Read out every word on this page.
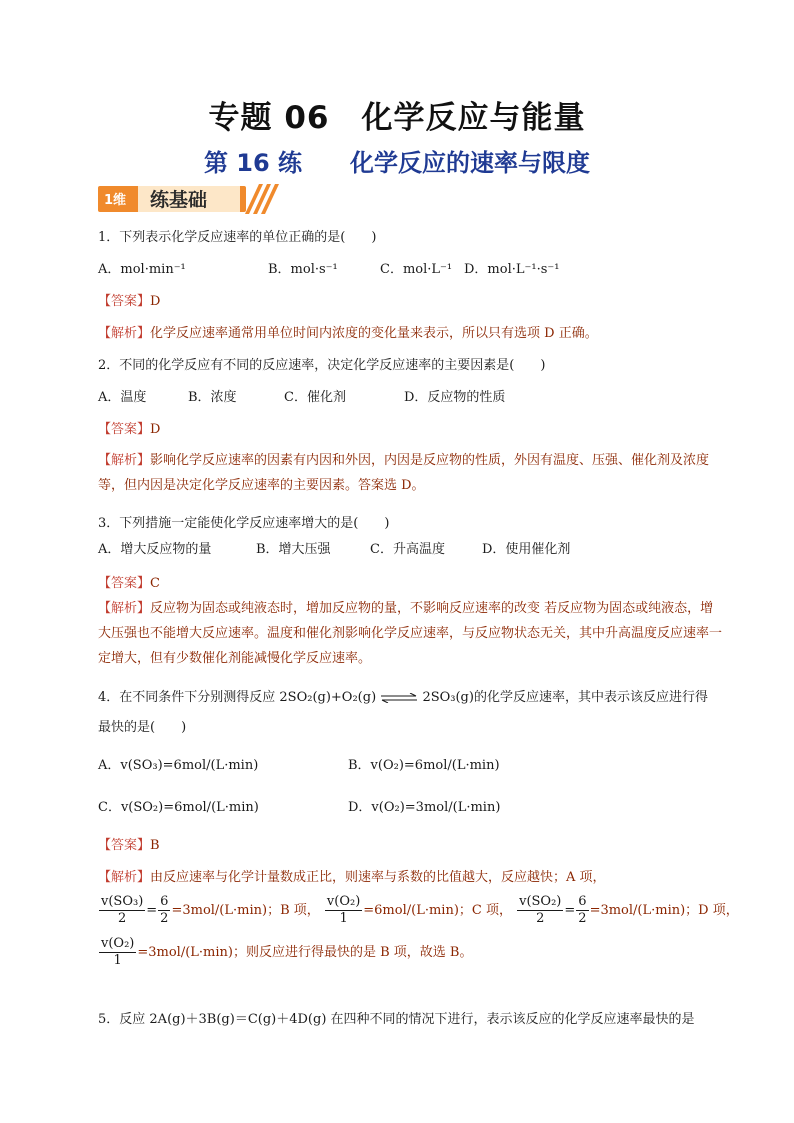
专题 06　化学反应与能量
第 16 练　　化学反应的速率与限度
1维 练基础
1．下列表示化学反应速率的单位正确的是(　　)
A．mol·min⁻¹	B．mol·s⁻¹	C．mol·L⁻¹ D．mol·L⁻¹·s⁻¹
【答案】D
【解析】化学反应速率通常用单位时间内浓度的变化量来表示，所以只有选项 D 正确。
2．不同的化学反应有不同的反应速率，决定化学反应速率的主要因素是(　　)
A．温度	B．浓度	C．催化剂	D．反应物的性质
【答案】D
【解析】影响化学反应速率的因素有内因和外因，内因是反应物的性质，外因有温度、压强、催化剂及浓度等，但内因是决定化学反应速率的主要因素。答案选 D。
3．下列措施一定能使化学反应速率增大的是(　　)
A．增大反应物的量	B．增大压强	C．升高温度	D．使用催化剂
【答案】C
【解析】反应物为固态或纯液态时，增加反应物的量，不影响反应速率的改变 若反应物为固态或纯液态，增大压强也不能增大反应速率。温度和催化剂影响化学反应速率，与反应物状态无关，其中升高温度反应速率一定增大，但有少数催化剂能减慢化学反应速率。
4．在不同条件下分别测得反应 2SO₂(g)+O₂(g) ⇌ 2SO₃(g)的化学反应速率，其中表示该反应进行得
最快的是(　　)
A．v(SO₃)=6mol/(L·min)	B．v(O₂)=6mol/(L·min)
C．v(SO₂)=6mol/(L·min)	D．v(O₂)=3mol/(L·min)
【答案】B
【解析】由反应速率与化学计量数成正比，则速率与系数的比值越大，反应越快；A 项，
$\frac{\text{v(SO₃)}}{2} = \frac{6}{2} =3mol/(L\cdot\min)$；B 项， $\frac{\text{v(O₂)}}{1} =6mol/(L\cdot\min)$；C 项， $\frac{\text{v(SO₂)}}{2} = \frac{6}{2} =3mol/(L\cdot\min)$；D 项，
$\frac{\text{v(O₂)}}{1} =3mol/(L\cdot\min)$；则反应进行得最快的是 B 项，故选 B。
5．反应 2A(g)＋3B(g)＝C(g)＋4D(g) 在四种不同的情况下进行，表示该反应的化学反应速率最快的是
